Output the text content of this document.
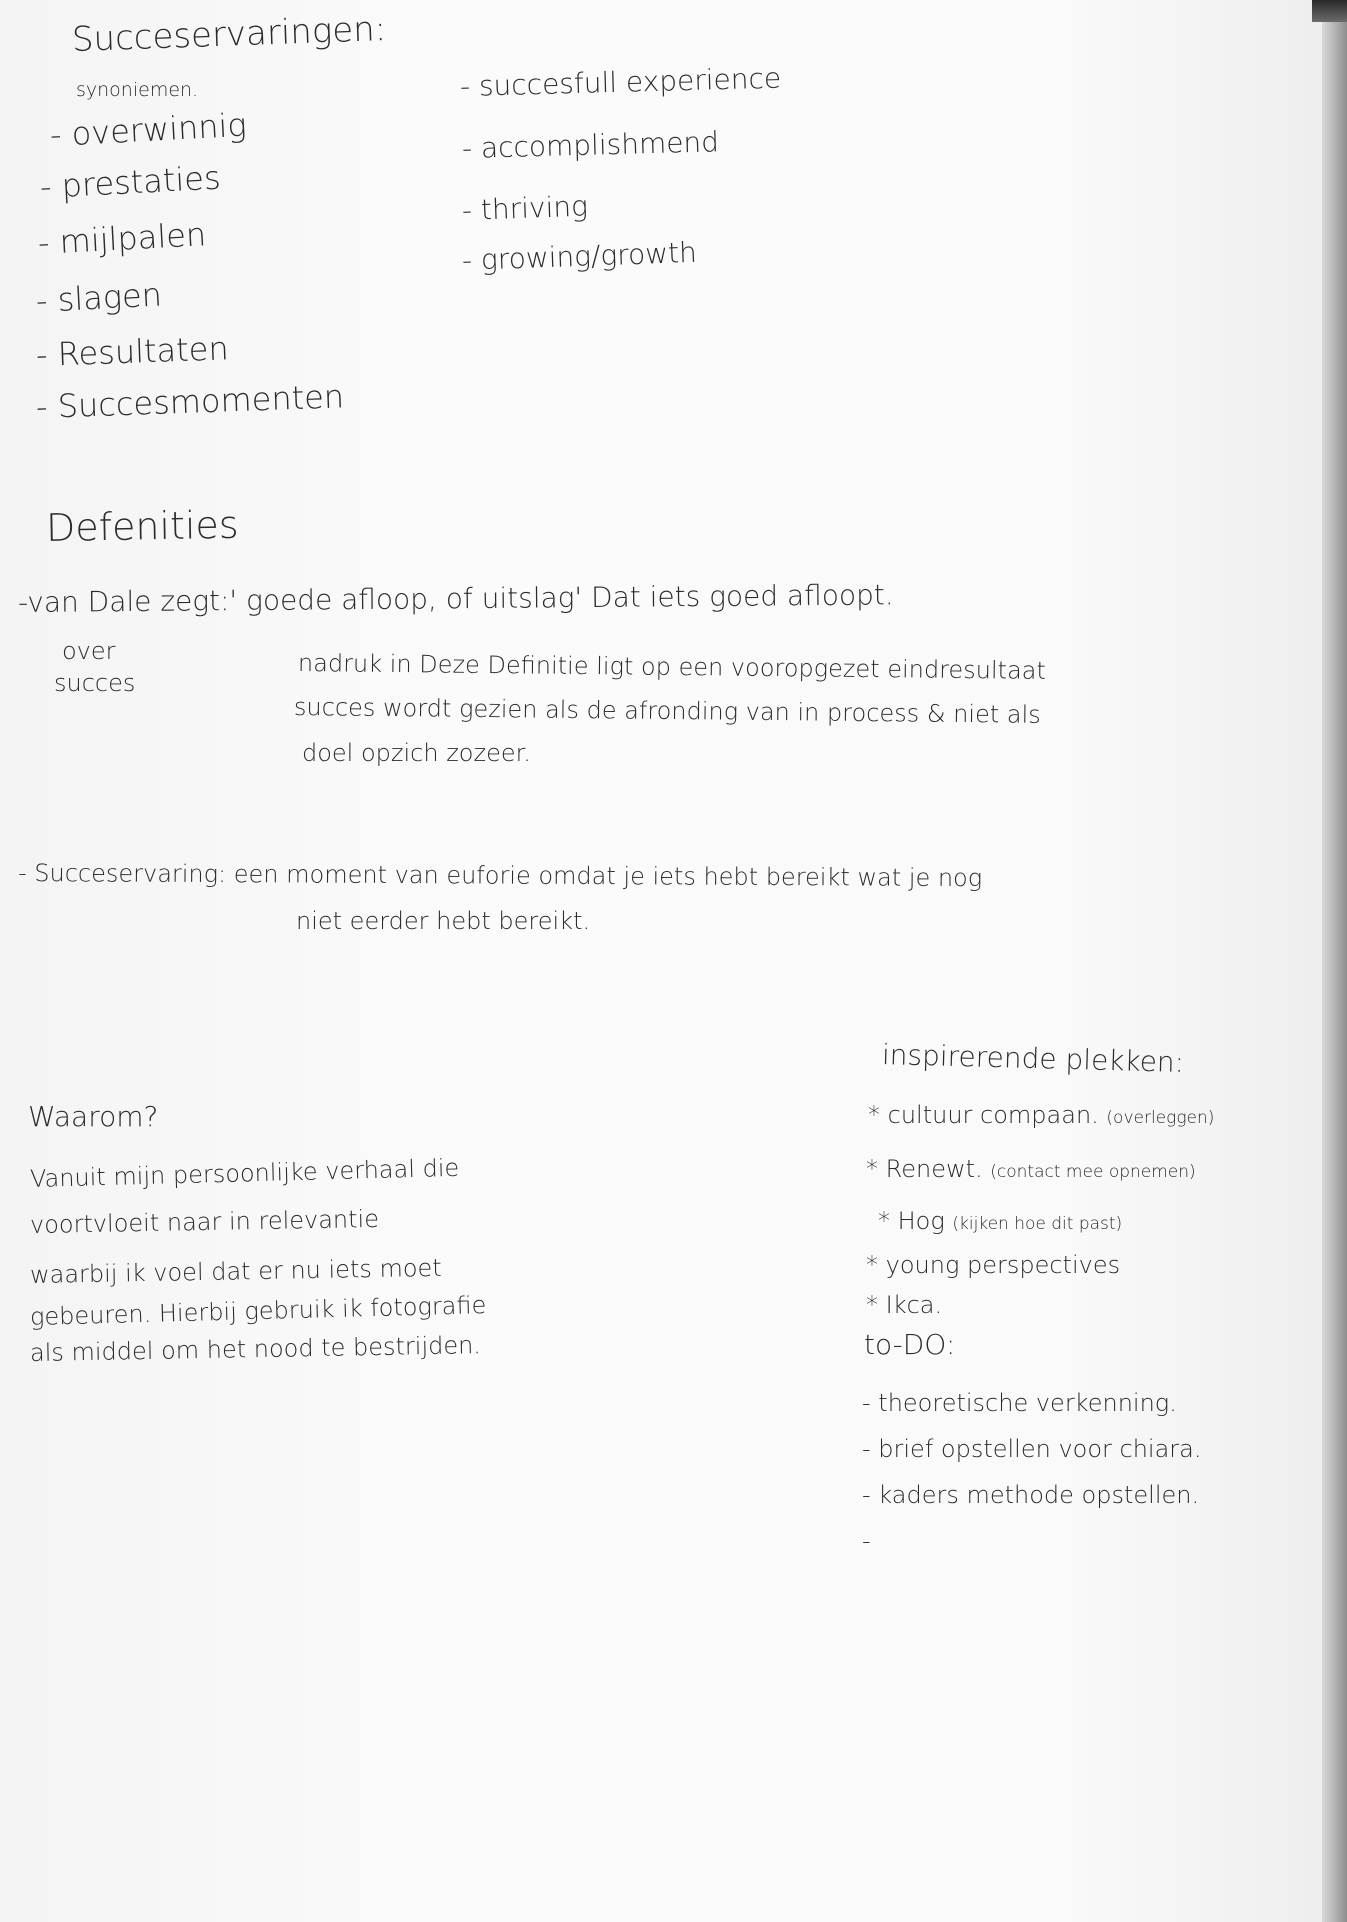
Succeservaringen:

synoniemen.

- overwinnig

- prestaties

- mijlpalen

- slagen

- Resultaten

- Succesmomenten

- succesfull experience

- accomplishmend

- thriving

- growing/growth

Defenities

-van Dale zegt:' goede afloop, of uitslag' Dat iets goed afloopt.

over

succes	nadruk in Deze Definitie ligt op een vooropgezet eindresultaat

succes wordt gezien als de afronding van in process & niet als

doel opzich zozeer.

- Succeservaring: een moment van euforie omdat je iets hebt bereikt wat je nog

niet eerder hebt bereikt.

Waarom?

Vanuit mijn persoonlijke verhaal die

voortvloeit naar in relevantie

waarbij ik voel dat er nu iets moet

gebeuren. Hierbij gebruik ik fotografie

als middel om het nood te bestrijden.

inspirerende plekken:

* cultuur compaan. (overleggen)
* Renewt. (contact mee opnemen)
* Hog (kijken hoe dit past)
* young perspectives
* Ikca.

to-DO:

- theoretische verkenning.

- brief opstellen voor chiara.

- kaders methode opstellen.

-
